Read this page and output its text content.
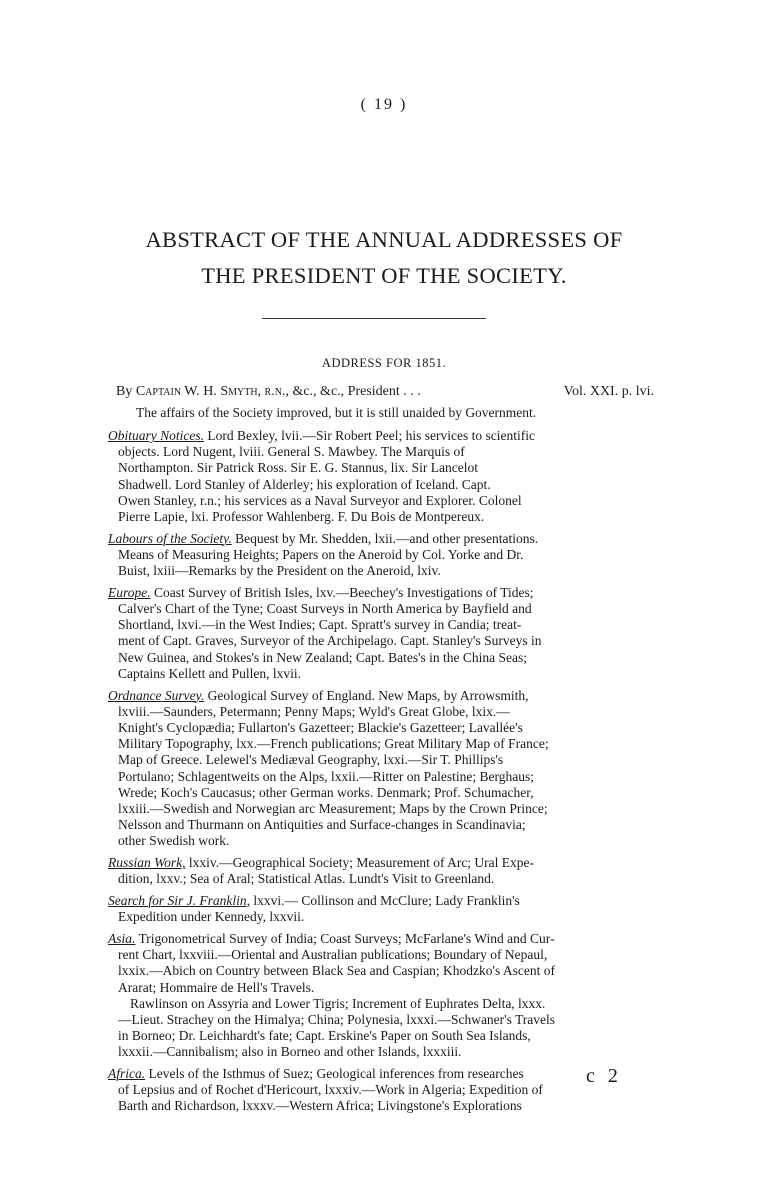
( 19 )
ABSTRACT OF THE ANNUAL ADDRESSES OF
THE PRESIDENT OF THE SOCIETY.
ADDRESS FOR 1851.
By Captain W. H. Smyth, r.n., &c., &c., President . . .	Vol. XXI. p. lvi.
The affairs of the Society improved, but it is still unaided by Government.
Obituary Notices. Lord Bexley, lvii.—Sir Robert Peel; his services to scientific
objects. Lord Nugent, lviii. General S. Mawbey. The Marquis of
Northampton. Sir Patrick Ross. Sir E. G. Stannus, lix. Sir Lancelot
Shadwell. Lord Stanley of Alderley; his exploration of Iceland. Capt.
Owen Stanley, r.n.; his services as a Naval Surveyor and Explorer. Colonel
Pierre Lapie, lxi. Professor Wahlenberg. F. Du Bois de Montpereux.
Labours of the Society. Bequest by Mr. Shedden, lxii.—and other presentations.
Means of Measuring Heights; Papers on the Aneroid by Col. Yorke and Dr.
Buist, lxiii—Remarks by the President on the Aneroid, lxiv.
Europe. Coast Survey of British Isles, lxv.—Beechey's Investigations of Tides;
Calver's Chart of the Tyne; Coast Surveys in North America by Bayfield and
Shortland, lxvi.—in the West Indies; Capt. Spratt's survey in Candia; treat-
ment of Capt. Graves, Surveyor of the Archipelago. Capt. Stanley's Surveys in
New Guinea, and Stokes's in New Zealand; Capt. Bates's in the China Seas;
Captains Kellett and Pullen, lxvii.
Ordnance Survey. Geological Survey of England. New Maps, by Arrowsmith,
lxviii.—Saunders, Petermann; Penny Maps; Wyld's Great Globe, lxix.—
Knight's Cyclopædia; Fullarton's Gazetteer; Blackie's Gazetteer; Lavallée's
Military Topography, lxx.—French publications; Great Military Map of France;
Map of Greece. Lelewel's Mediæval Geography, lxxi.—Sir T. Phillips's
Portulano; Schlagentweits on the Alps, lxxii.—Ritter on Palestine; Berghaus;
Wrede; Koch's Caucasus; other German works. Denmark; Prof. Schumacher,
lxxiii.—Swedish and Norwegian arc Measurement; Maps by the Crown Prince;
Nelsson and Thurmann on Antiquities and Surface-changes in Scandinavia;
other Swedish work.
Russian Work, lxxiv.—Geographical Society; Measurement of Arc; Ural Expe-
dition, lxxv.; Sea of Aral; Statistical Atlas. Lundt's Visit to Greenland.
Search for Sir J. Franklin, lxxvi.— Collinson and McClure; Lady Franklin's
Expedition under Kennedy, lxxvii.
Asia. Trigonometrical Survey of India; Coast Surveys; McFarlane's Wind and Cur-
rent Chart, lxxviii.—Oriental and Australian publications; Boundary of Nepaul,
lxxix.—Abich on Country between Black Sea and Caspian; Khodzko's Ascent of
Ararat; Hommaire de Hell's Travels.
Rawlinson on Assyria and Lower Tigris; Increment of Euphrates Delta, lxxx.
—Lieut. Strachey on the Himalya; China; Polynesia, lxxxi.—Schwaner's Travels
in Borneo; Dr. Leichhardt's fate; Capt. Erskine's Paper on South Sea Islands,
lxxxii.—Cannibalism; also in Borneo and other Islands, lxxxiii.
Africa. Levels of the Isthmus of Suez; Geological inferences from researches
of Lepsius and of Rochet d'Hericourt, lxxxiv.—Work in Algeria; Expedition of
Barth and Richardson, lxxxv.—Western Africa; Livingstone's Explorations
c 2
